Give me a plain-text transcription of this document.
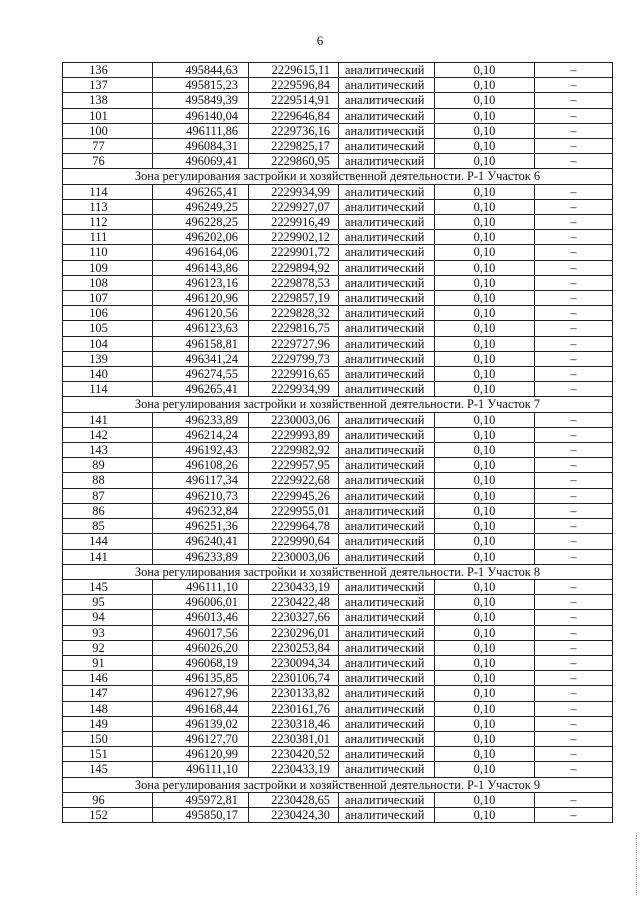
6
136	495844,63	2229615,11	аналитический	0,10	–
137	495815,23	2229596,84	аналитический	0,10	–
138	495849,39	2229514,91	аналитический	0,10	–
101	496140,04	2229646,84	аналитический	0,10	–
100	496111,86	2229736,16	аналитический	0,10	–
77	496084,31	2229825,17	аналитический	0,10	–
76	496069,41	2229860,95	аналитический	0,10	–
Зона регулирования застройки и хозяйственной деятельности. Р-1 Участок 6					
114	496265,41	2229934,99	аналитический	0,10	–
113	496249,25	2229927,07	аналитический	0,10	–
112	496228,25	2229916,49	аналитический	0,10	–
111	496202,06	2229902,12	аналитический	0,10	–
110	496164,06	2229901,72	аналитический	0,10	–
109	496143,86	2229894,92	аналитический	0,10	–
108	496123,16	2229878,53	аналитический	0,10	–
107	496120,96	2229857,19	аналитический	0,10	–
106	496120,56	2229828,32	аналитический	0,10	–
105	496123,63	2229816,75	аналитический	0,10	–
104	496158,81	2229727,96	аналитический	0,10	–
139	496341,24	2229799,73	аналитический	0,10	–
140	496274,55	2229916,65	аналитический	0,10	–
114	496265,41	2229934,99	аналитический	0,10	–
Зона регулирования застройки и хозяйственной деятельности. Р-1 Участок 7					
141	496233,89	2230003,06	аналитический	0,10	–
142	496214,24	2229993,89	аналитический	0,10	–
143	496192,43	2229982,92	аналитический	0,10	–
89	496108,26	2229957,95	аналитический	0,10	–
88	496117,34	2229922,68	аналитический	0,10	–
87	496210,73	2229945,26	аналитический	0,10	–
86	496232,84	2229955,01	аналитический	0,10	–
85	496251,36	2229964,78	аналитический	0,10	–
144	496240,41	2229990,64	аналитический	0,10	–
141	496233,89	2230003,06	аналитический	0,10	–
Зона регулирования застройки и хозяйственной деятельности. Р-1 Участок 8					
145	496111,10	2230433,19	аналитический	0,10	–
95	496006,01	2230422,48	аналитический	0,10	–
94	496013,46	2230327,66	аналитический	0,10	–
93	496017,56	2230296,01	аналитический	0,10	–
92	496026,20	2230253,84	аналитический	0,10	–
91	496068,19	2230094,34	аналитический	0,10	–
146	496135,85	2230106,74	аналитический	0,10	–
147	496127,96	2230133,82	аналитический	0,10	–
148	496168,44	2230161,76	аналитический	0,10	–
149	496139,02	2230318,46	аналитический	0,10	–
150	496127,70	2230381,01	аналитический	0,10	–
151	496120,99	2230420,52	аналитический	0,10	–
145	496111,10	2230433,19	аналитический	0,10	–
Зона регулирования застройки и хозяйственной деятельности. Р-1 Участок 9					
96	495972,81	2230428,65	аналитический	0,10	–
152	495850,17	2230424,30	аналитический	0,10	–
